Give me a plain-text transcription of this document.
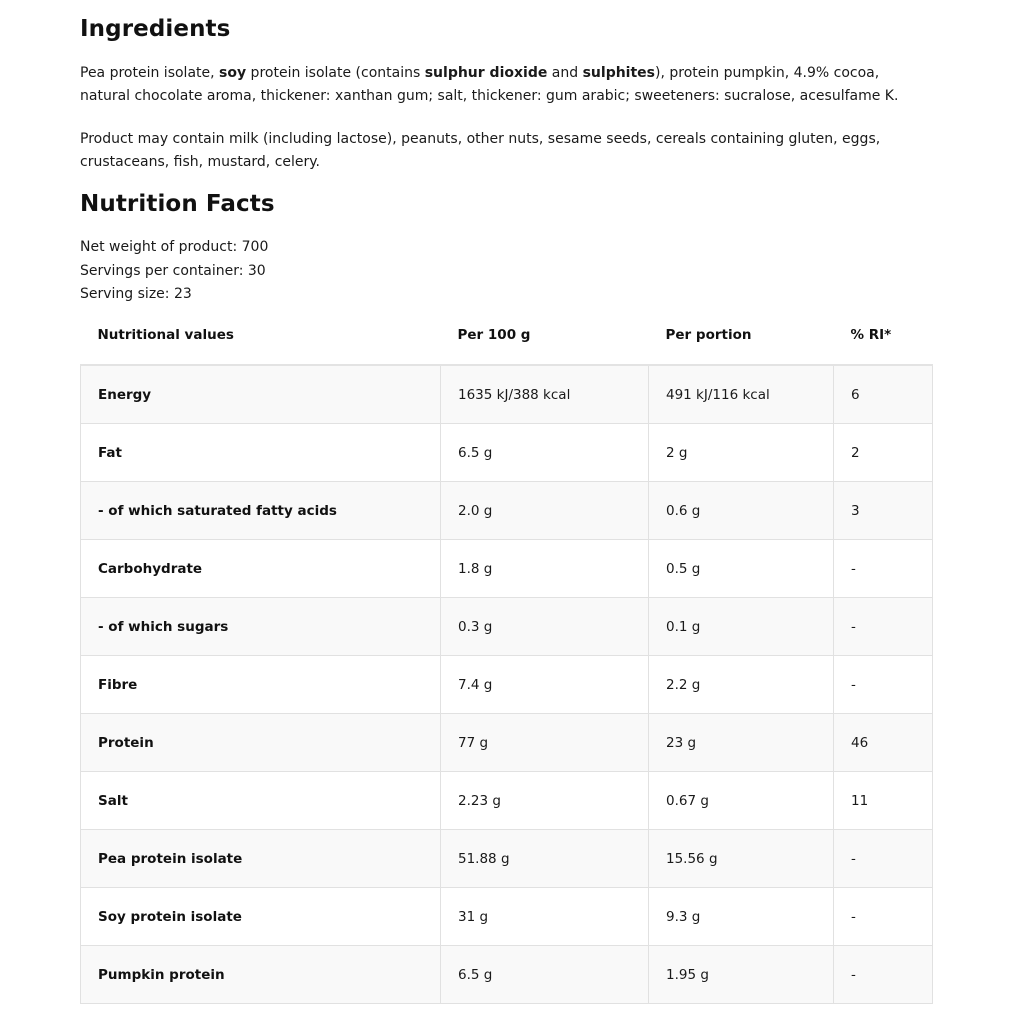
Ingredients

Pea protein isolate, soy protein isolate (contains sulphur dioxide and sulphites), protein pumpkin, 4.9% cocoa, natural chocolate aroma, thickener: xanthan gum; salt, thickener: gum arabic; sweeteners: sucralose, acesulfame K.

Product may contain milk (including lactose), peanuts, other nuts, sesame seeds, cereals containing gluten, eggs, crustaceans, fish, mustard, celery.

Nutrition Facts
Net weight of product: 700
Servings per container: 30
Serving size: 23
Nutritional values	Per 100 g	Per portion	% RI*
Energy	1635 kJ/388 kcal	491 kJ/116 kcal	6
Fat	6.5 g	2 g	2
- of which saturated fatty acids	2.0 g	0.6 g	3
Carbohydrate	1.8 g	0.5 g	-
- of which sugars	0.3 g	0.1 g	-
Fibre	7.4 g	2.2 g	-
Protein	77 g	23 g	46
Salt	2.23 g	0.67 g	11
Pea protein isolate	51.88 g	15.56 g	-
Soy protein isolate	31 g	9.3 g	-
Pumpkin protein	6.5 g	1.95 g	-
